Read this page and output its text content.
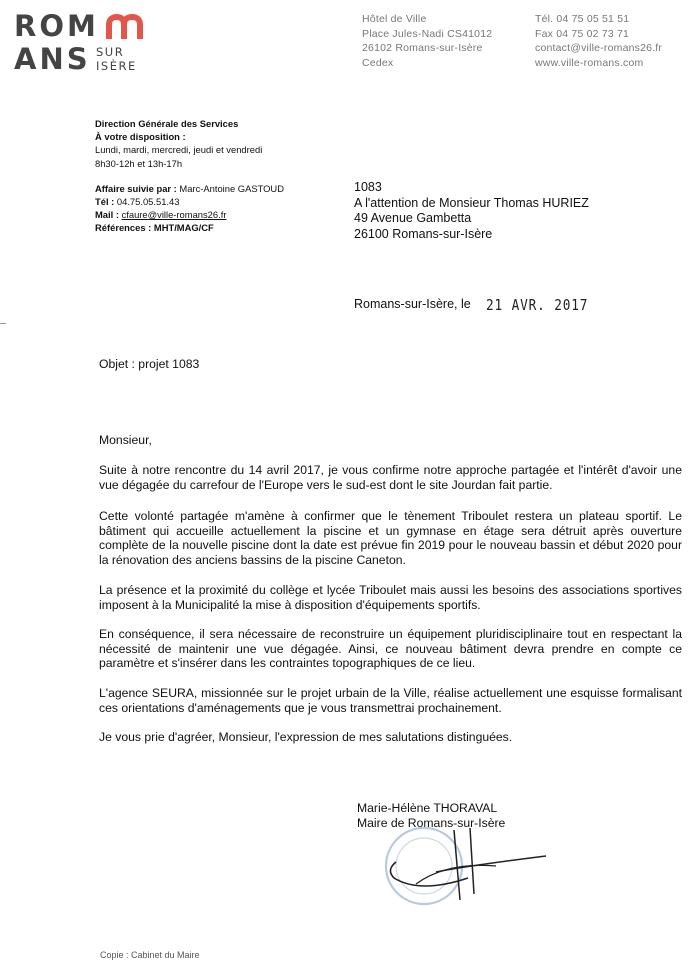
ROM
ANS SUR
ISÈRE
Hôtel de Ville
Place Jules-Nadi CS41012
26102 Romans-sur-Isère
Cedex
Tél. 04 75 05 51 51
Fax 04 75 02 73 71
contact@ville-romans26.fr
www.ville-romans.com
Direction Générale des Services
À votre disposition :
Lundi, mardi, mercredi, jeudi et vendredi
8h30-12h et 13h-17h
Affaire suivie par : Marc-Antoine GASTOUD
Tél : 04.75.05.51.43
Mail : cfaure@ville-romans26.fr
Références : MHT/MAG/CF
1083
A l'attention de Monsieur Thomas HURIEZ
49 Avenue Gambetta
26100 Romans-sur-Isère
Romans-sur-Isère, le 21 AVR. 2017
Objet : projet 1083
Monsieur,
Suite à notre rencontre du 14 avril 2017, je vous confirme notre approche partagée et l'intérêt d'avoir une vue dégagée du carrefour de l'Europe vers le sud-est dont le site Jourdan fait partie.
Cette volonté partagée m'amène à confirmer que le tènement Triboulet restera un plateau sportif. Le bâtiment qui accueille actuellement la piscine et un gymnase en étage sera détruit après ouverture complète de la nouvelle piscine dont la date est prévue fin 2019 pour le nouveau bassin et début 2020 pour la rénovation des anciens bassins de la piscine Caneton.
La présence et la proximité du collège et lycée Triboulet mais aussi les besoins des associations sportives imposent à la Municipalité la mise à disposition d'équipements sportifs.
En conséquence, il sera nécessaire de reconstruire un équipement pluridisciplinaire tout en respectant la nécessité de maintenir une vue dégagée. Ainsi, ce nouveau bâtiment devra prendre en compte ce paramètre et s'insérer dans les contraintes topographiques de ce lieu.
L'agence SEURA, missionnée sur le projet urbain de la Ville, réalise actuellement une esquisse formalisant ces orientations d'aménagements que je vous transmettrai prochainement.
Je vous prie d'agréer, Monsieur, l'expression de mes salutations distinguées.
Marie-Hélène THORAVAL
Maire de Romans-sur-Isère
Copie : Cabinet du Maire
